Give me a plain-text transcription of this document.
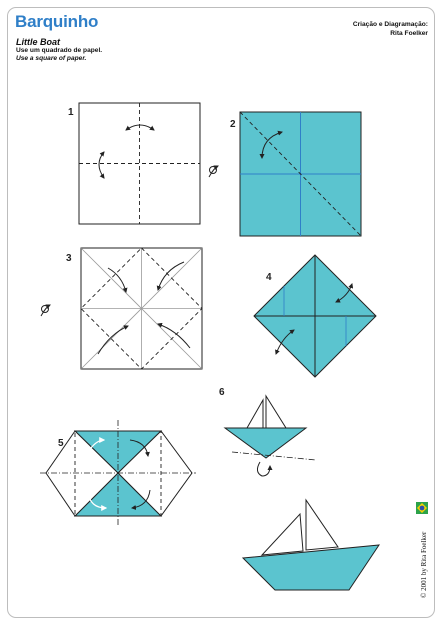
Barquinho
Little Boat
Use um quadrado de papel.
Use a square of paper.
Criação e Diagramação:
Rita Foelker
1
2
3
4
5
6
© 2001 by Rita Foelker
